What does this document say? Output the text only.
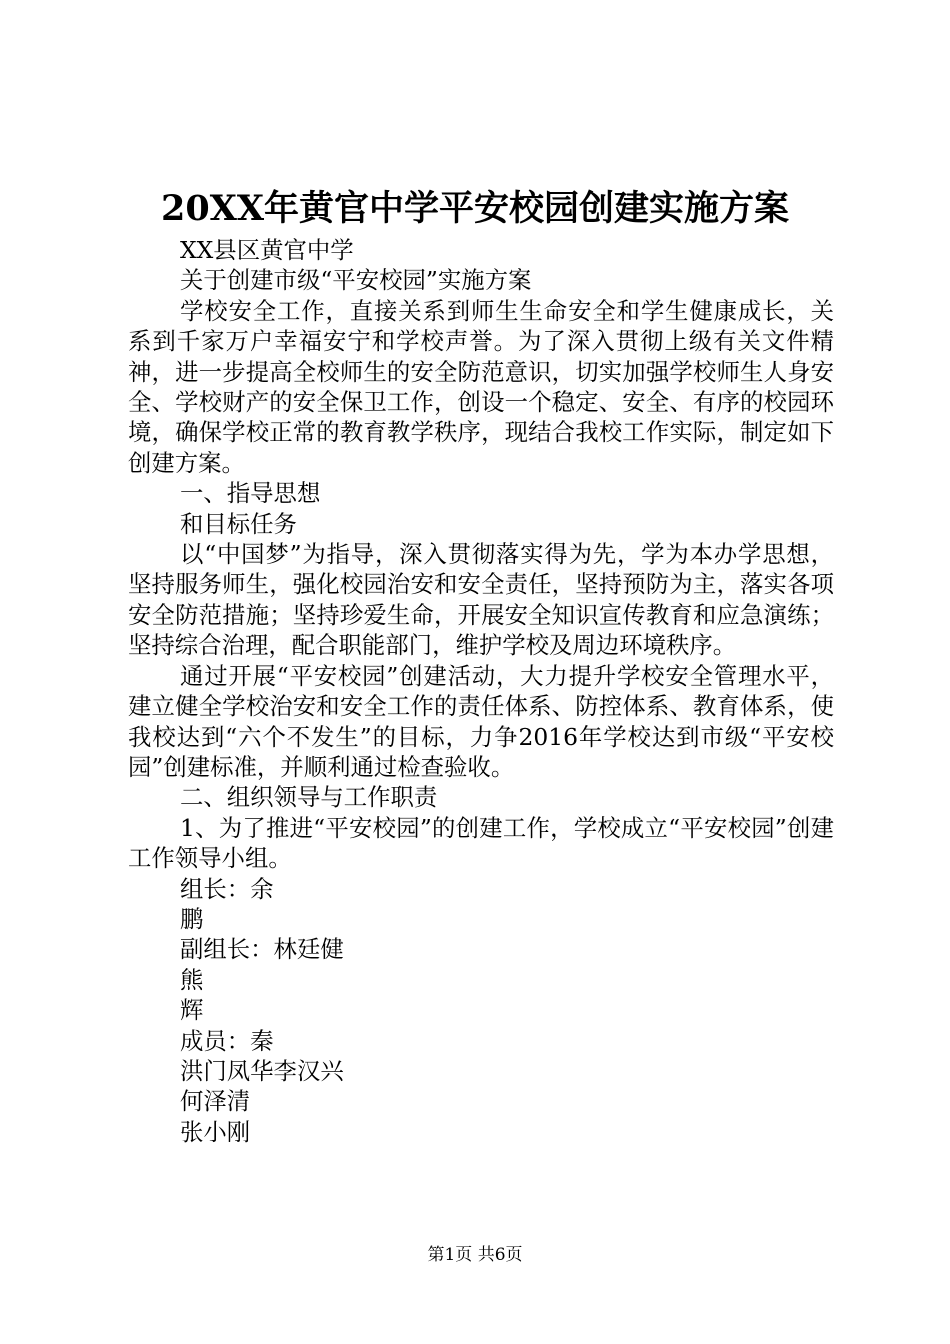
20XX年黄官中学平安校园创建实施方案

XX县区黄官中学

关于创建市级“平安校园”实施方案

学校安全工作，直接关系到师生生命安全和学生健康成长，关系到千家万户幸福安宁和学校声誉。为了深入贯彻上级有关文件精神，进一步提高全校师生的安全防范意识，切实加强学校师生人身安全、学校财产的安全保卫工作，创设一个稳定、安全、有序的校园环境，确保学校正常的教育教学秩序，现结合我校工作实际，制定如下创建方案。

一、指导思想

和目标任务

以“中国梦”为指导，深入贯彻落实得为先，学为本办学思想，坚持服务师生，强化校园治安和安全责任，坚持预防为主，落实各项安全防范措施；坚持珍爱生命，开展安全知识宣传教育和应急演练；坚持综合治理，配合职能部门，维护学校及周边环境秩序。

通过开展“平安校园”创建活动，大力提升学校安全管理水平，建立健全学校治安和安全工作的责任体系、防控体系、教育体系，使我校达到“六个不发生”的目标，力争2016年学校达到市级“平安校园”创建标准，并顺利通过检查验收。

二、组织领导与工作职责

1、为了推进“平安校园”的创建工作，学校成立“平安校园”创建工作领导小组。

组长：余

鹏

副组长：林廷健

熊

辉

成员：秦

洪门凤华李汉兴

何泽清

张小刚

第1页 共6页
